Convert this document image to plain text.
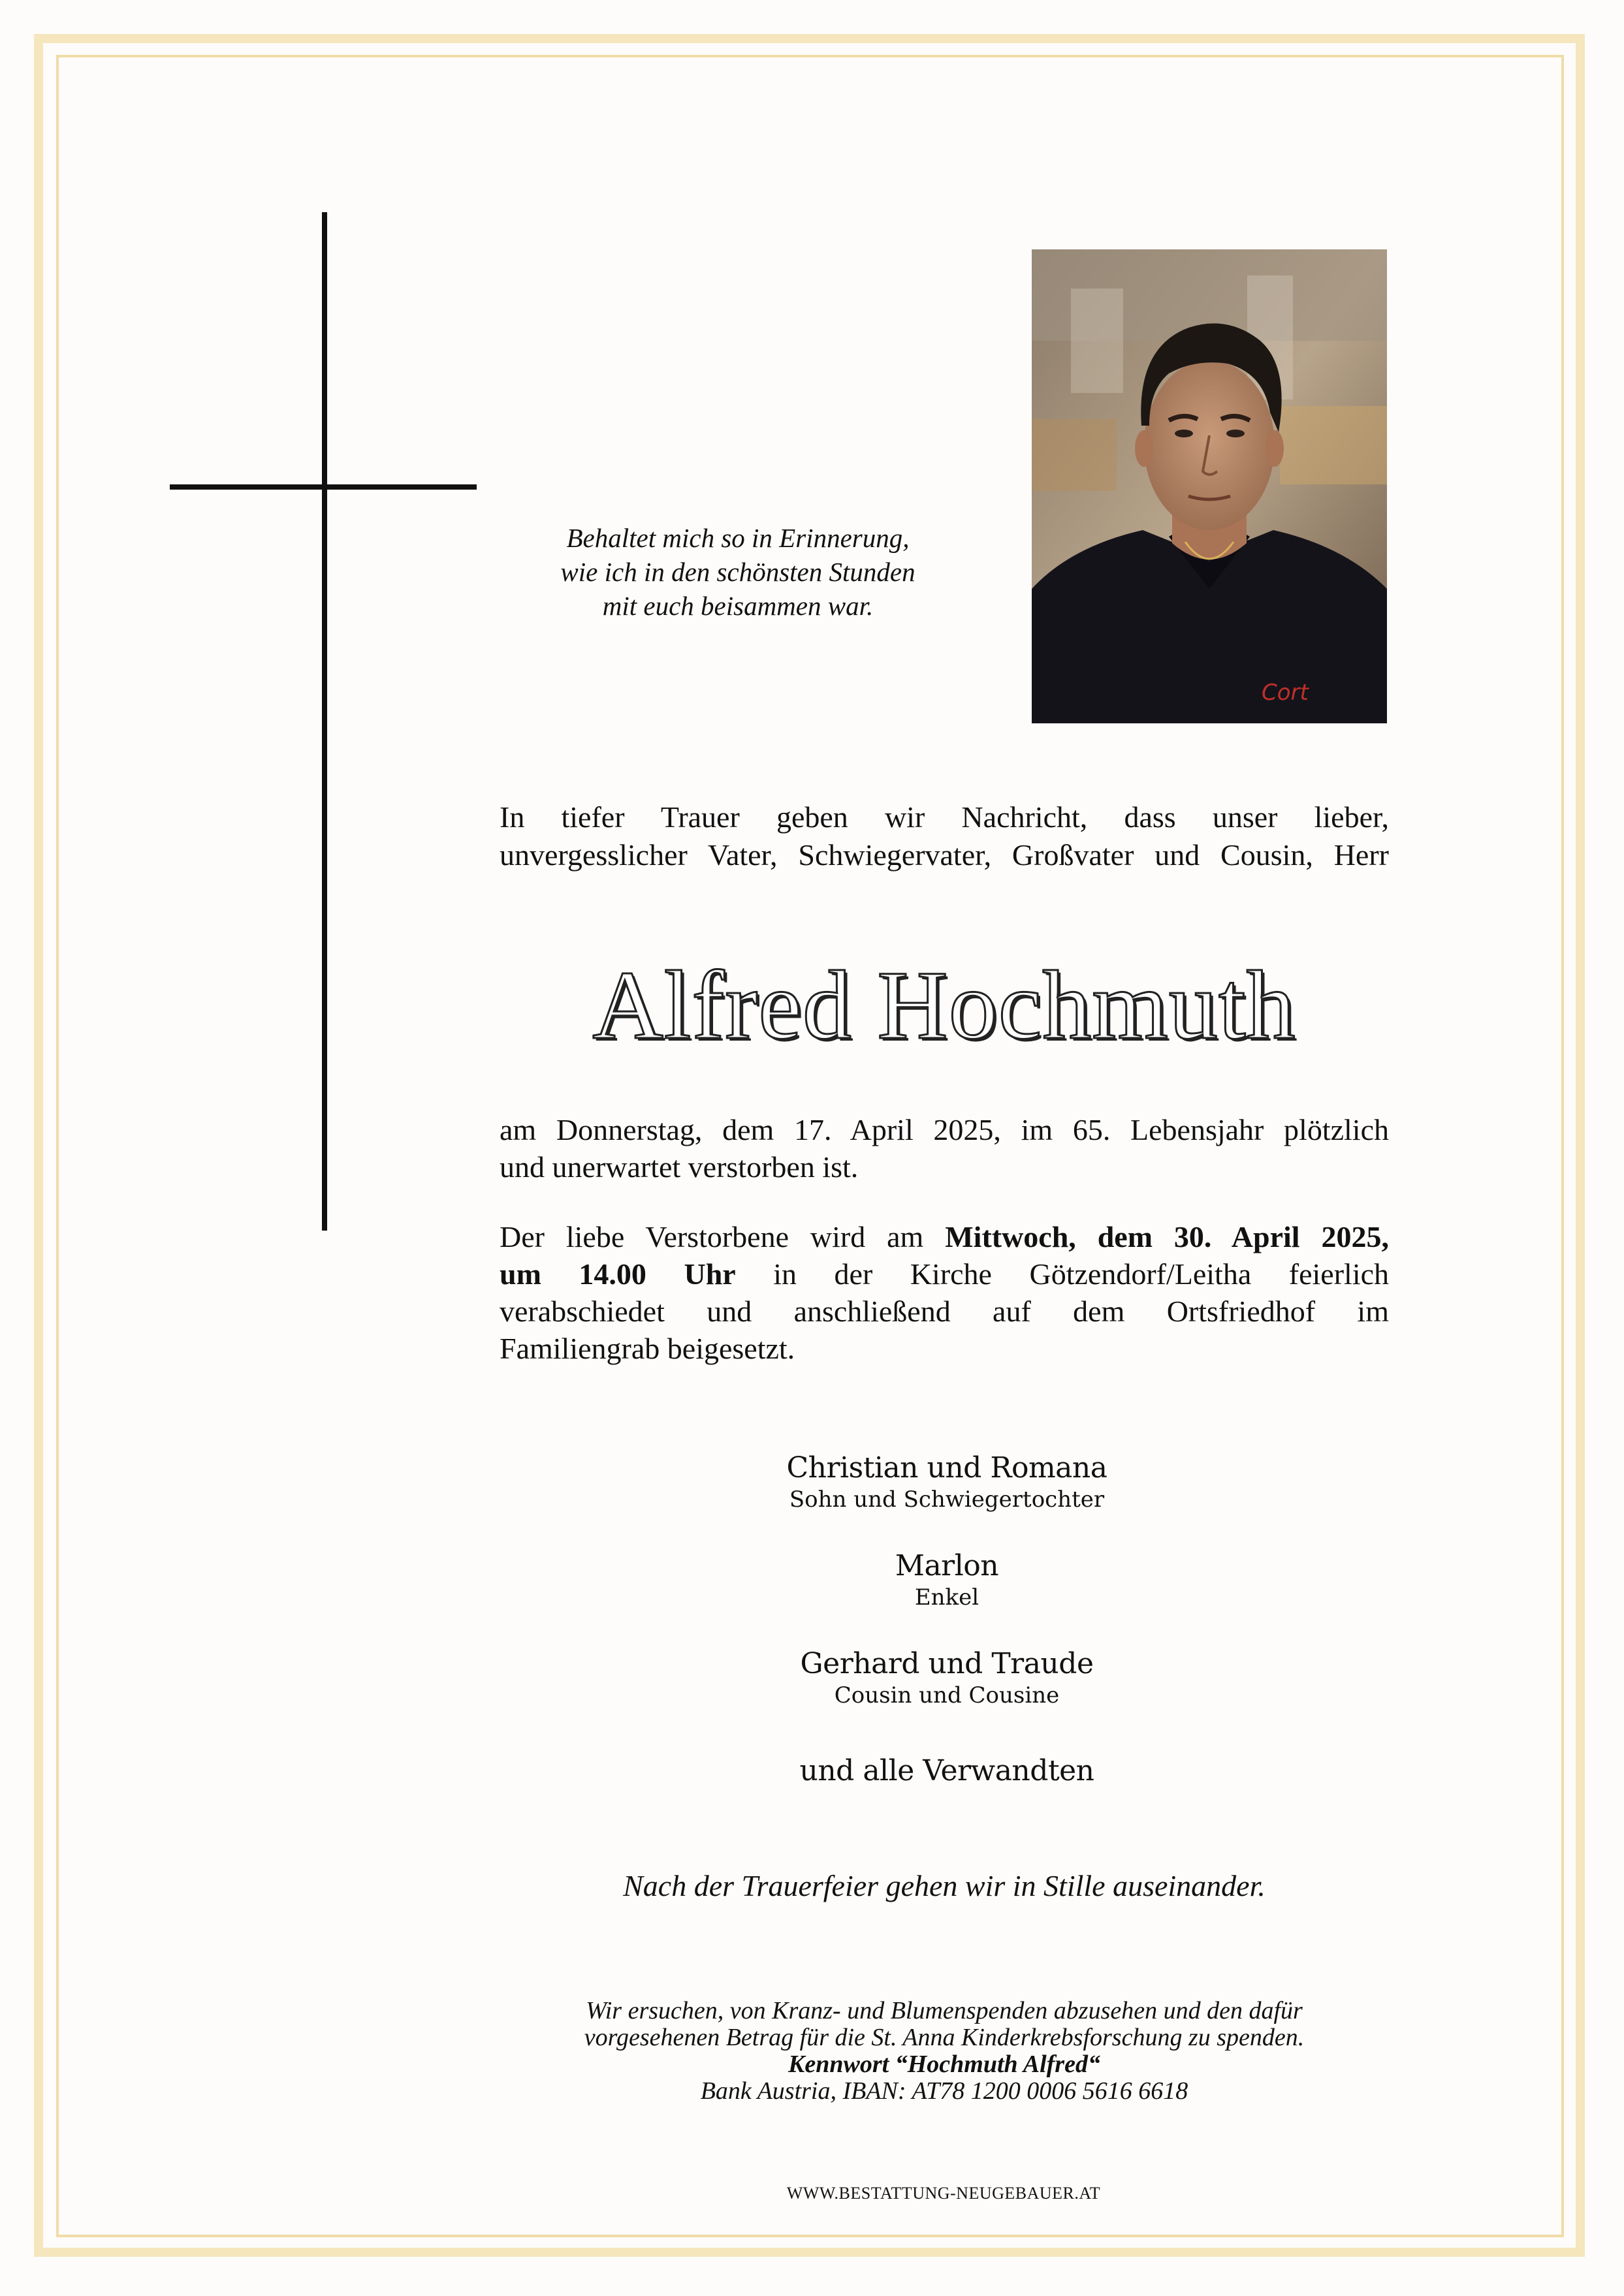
Behaltet mich so in Erinnerung,
wie ich in den schönsten Stunden
mit euch beisammen war.
Cort
In tiefer Trauer geben wir Nachricht, dass unser lieber,
unvergesslicher Vater, Schwiegervater, Großvater und Cousin, Herr
Alfred Hochmuth
am Donnerstag, dem 17. April 2025, im 65. Lebensjahr plötzlich
und unerwartet verstorben ist.
Der liebe Verstorbene wird am Mittwoch, dem 30. April 2025,
um 14.00 Uhr in der Kirche Götzendorf/Leitha feierlich
verabschiedet und anschließend auf dem Ortsfriedhof im
Familiengrab beigesetzt.
Christian und Romana
Sohn und Schwiegertochter
Marlon
Enkel
Gerhard und Traude
Cousin und Cousine
und alle Verwandten
Nach der Trauerfeier gehen wir in Stille auseinander.
Wir ersuchen, von Kranz- und Blumenspenden abzusehen und den dafür
vorgesehenen Betrag für die St. Anna Kinderkrebsforschung zu spenden.
Kennwort “Hochmuth Alfred“
Bank Austria, IBAN: AT78 1200 0006 5616 6618
WWW.BESTATTUNG-NEUGEBAUER.AT
